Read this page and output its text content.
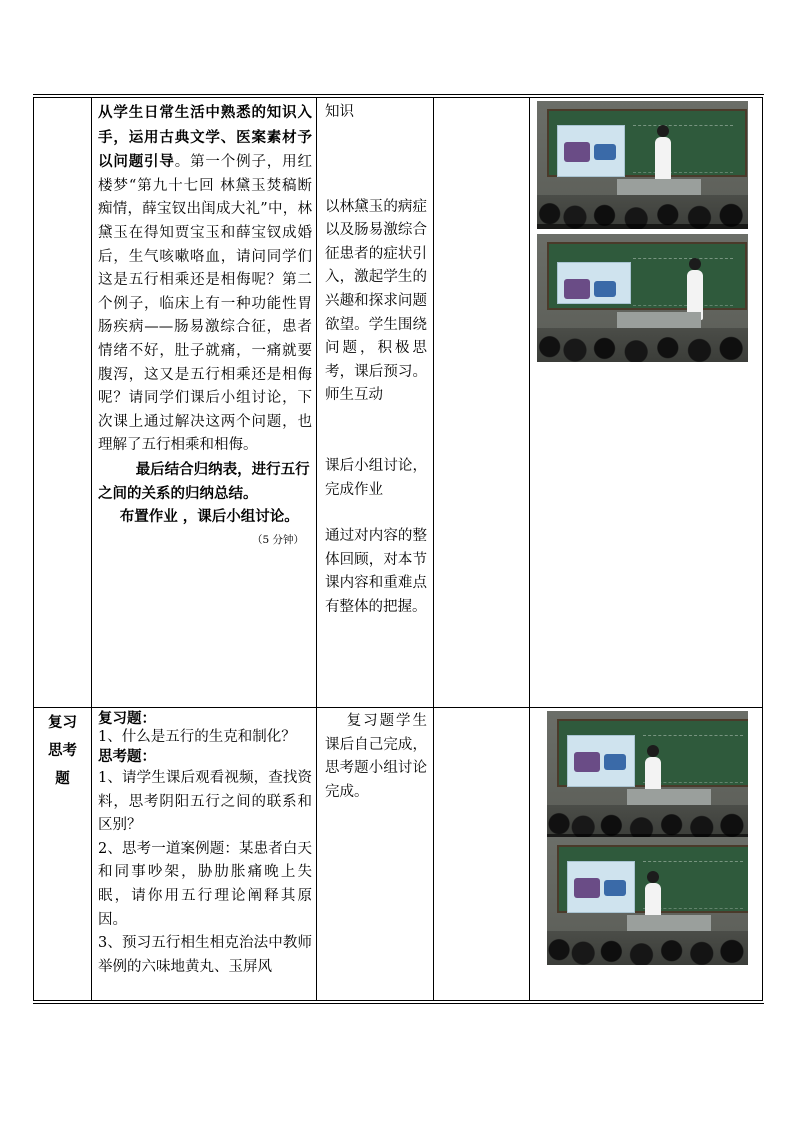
从学生日常生活中熟悉的知识入手，运用古典文学、医案素材予以问题引导。第一个例子，用红楼梦“第九十七回 林黛玉焚稿断痴情，薛宝钗出闺成大礼”中，林黛玉在得知贾宝玉和薛宝钗成婚后，生气咳嗽咯血，请问同学们这是五行相乘还是相侮呢？第二个例子，临床上有一种功能性胃肠疾病——肠易激综合征，患者情绪不好，肚子就痛，一痛就要腹泻，这又是五行相乘还是相侮呢？请同学们课后小组讨论，下次课上通过解决这两个问题，也理解了五行相乘和相侮。

最后结合归纳表，进行五行之间的关系的归纳总结。

布置作业 ，课后小组讨论。

（5 分钟）

知识

以林黛玉的病症以及肠易激综合征患者的症状引入，激起学生的兴趣和探求问题欲望。学生围绕问题，积极思考，课后预习。师生互动

课后小组讨论，完成作业

通过对内容的整体回顾，对本节课内容和重难点有整体的把握。

复习
思考
题

复习题：

1、什么是五行的生克和制化？

思考题：

1、请学生课后观看视频，查找资料，思考阴阳五行之间的联系和区别？

2、思考一道案例题：某患者白天和同事吵架，胁肋胀痛晚上失眠，请你用五行理论阐释其原因。

3、预习五行相生相克治法中教师举例的六味地黄丸、玉屏风

复习题学生课后自己完成，思考题小组讨论完成。
